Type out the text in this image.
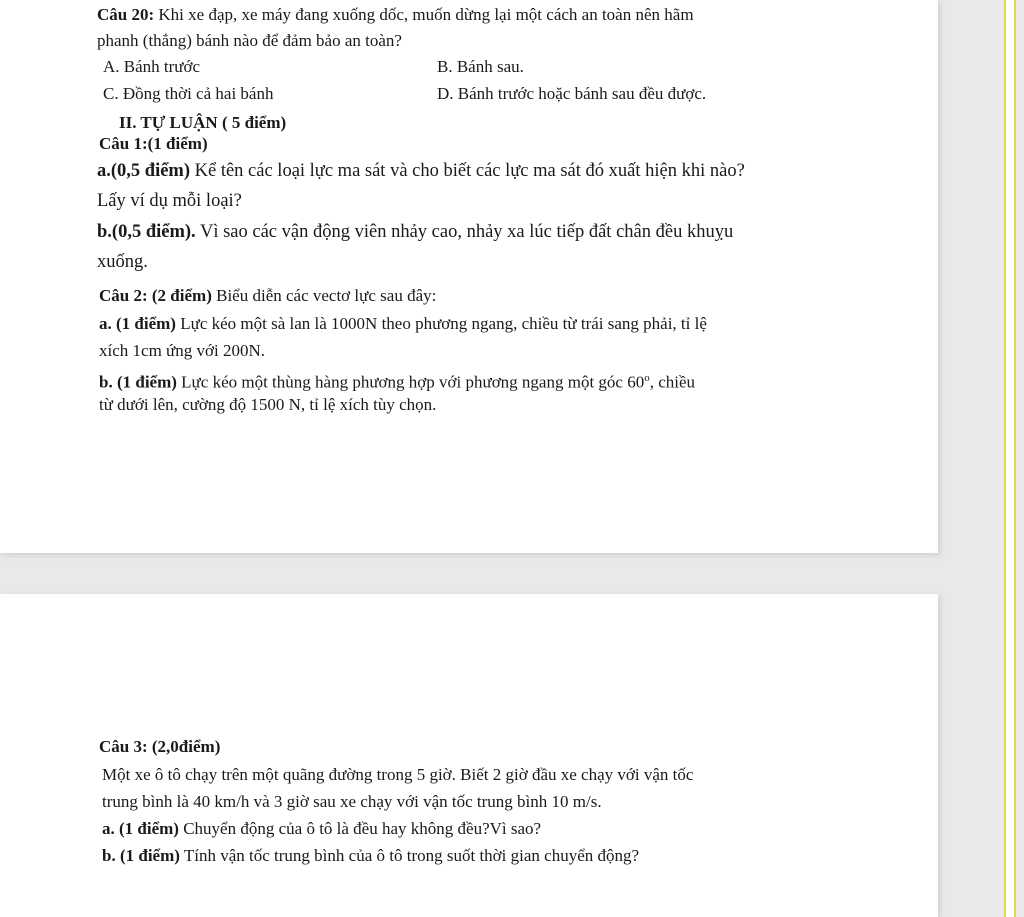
Câu 20: Khi xe đạp, xe máy đang xuống dốc, muốn dừng lại một cách an toàn nên hãm
phanh (thắng) bánh nào để đảm bảo an toàn?
A. Bánh trước	B. Bánh sau.
C. Đồng thời cả hai bánh	D. Bánh trước hoặc bánh sau đều được.
II. TỰ LUẬN ( 5 điểm)
Câu 1:(1 điểm)
a.(0,5 điểm) Kể tên các loại lực ma sát và cho biết các lực ma sát đó xuất hiện khi nào?
Lấy ví dụ mỗi loại?
b.(0,5 điểm). Vì sao các vận động viên nhảy cao, nhảy xa lúc tiếp đất chân đều khuỵu
xuống.
Câu 2: (2 điểm) Biểu diễn các vectơ lực sau đây:
a. (1 điểm) Lực kéo một sà lan là 1000N theo phương ngang, chiều từ trái sang phải, tỉ lệ
xích 1cm ứng với 200N.
b. (1 điểm) Lực kéo một thùng hàng phương hợp với phương ngang một góc 60$^o$, chiều
từ dưới lên, cường độ 1500 N, tỉ lệ xích tùy chọn.
Câu 3: (2,0điểm)
Một xe ô tô chạy trên một quãng đường trong 5 giờ. Biết 2 giờ đầu xe chạy với vận tốc
trung bình là 40 km/h và 3 giờ sau xe chạy với vận tốc trung bình 10 m/s.
a. (1 điểm) Chuyển động của ô tô là đều hay không đều?Vì sao?
b. (1 điểm) Tính vận tốc trung bình của ô tô trong suốt thời gian chuyển động?
